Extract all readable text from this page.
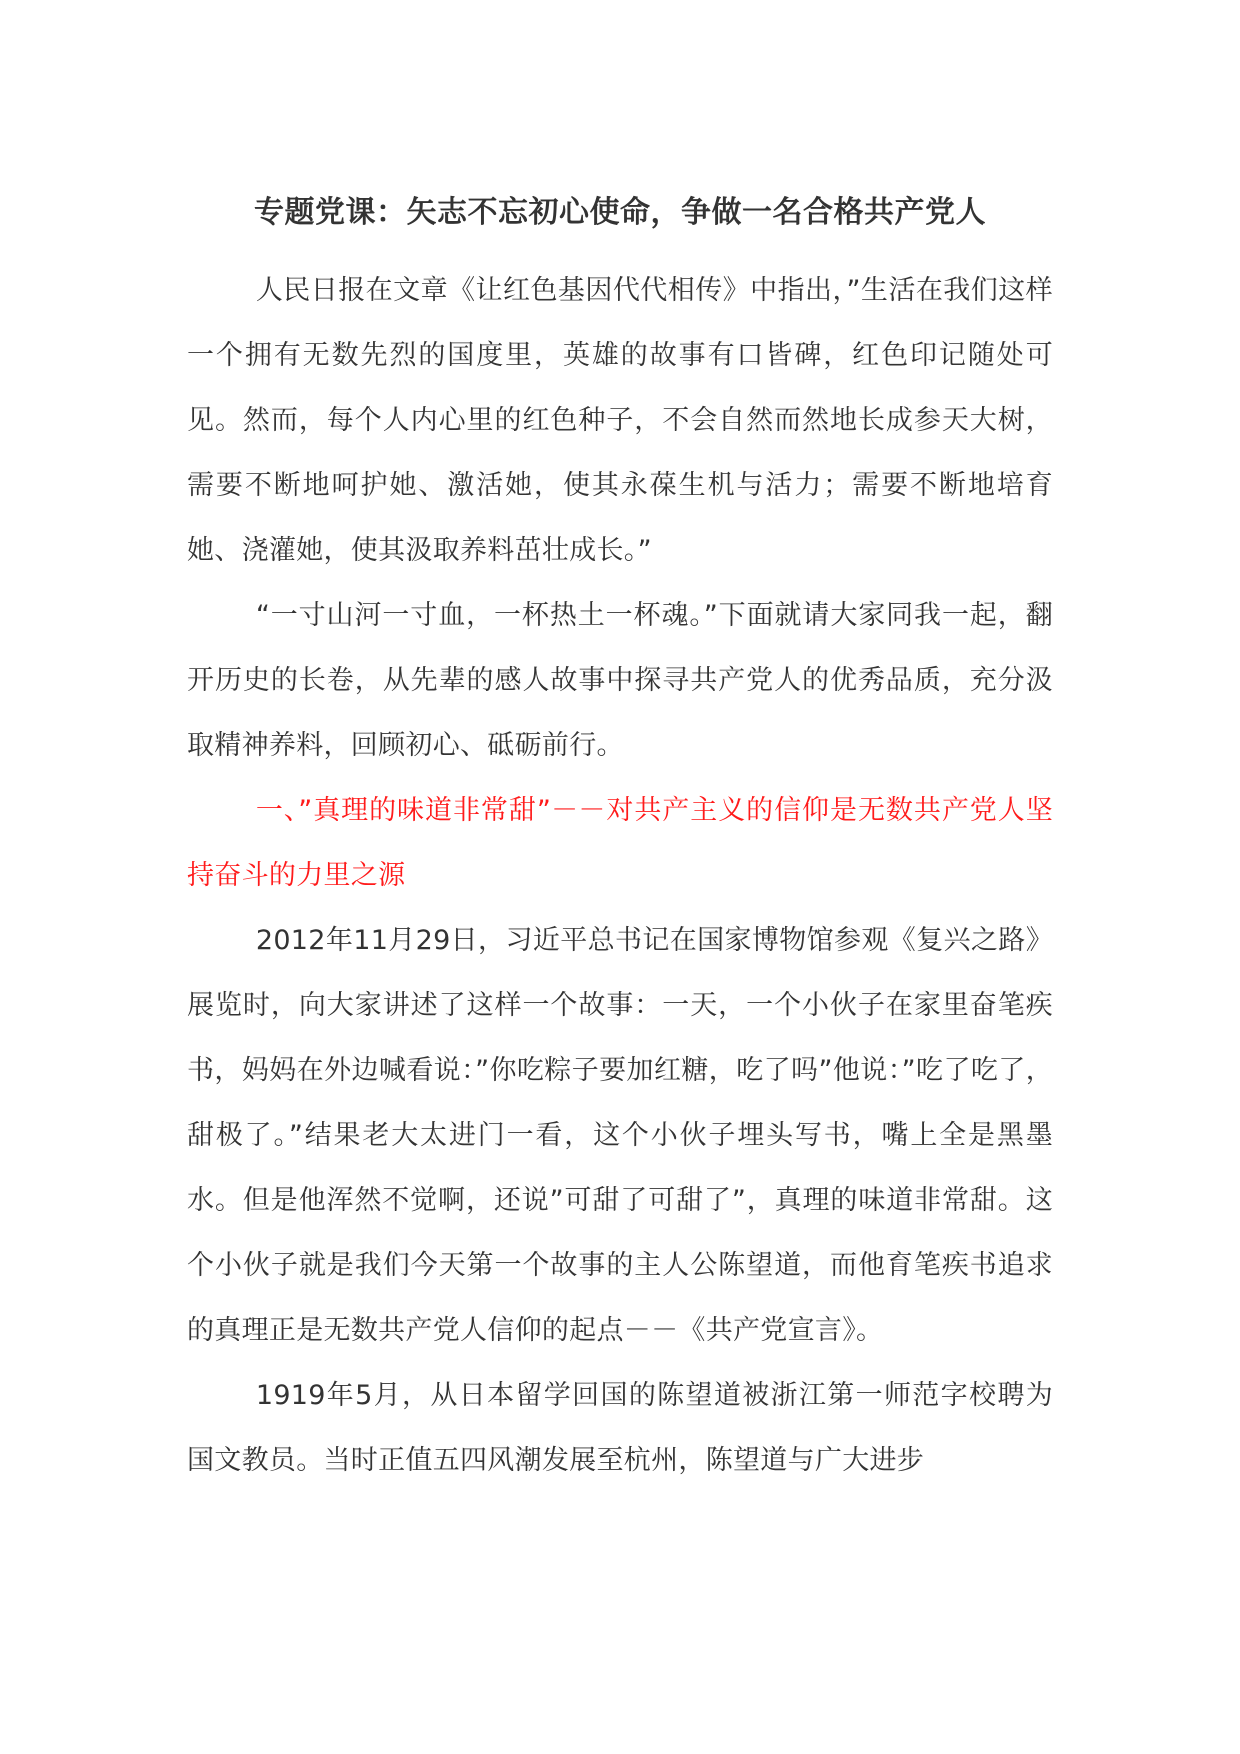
专题党课：矢志不忘初心使命，争做一名合格共产党人

人民日报在文章《让红色基因代代相传》中指出，”生活在我们这样一个拥有无数先烈的国度里，英雄的故事有口皆碑，红色印记随处可见。然而，每个人内心里的红色种子，不会自然而然地长成参天大树，需要不断地呵护她、激活她，使其永葆生机与活力；需要不断地培育她、浇灌她，使其汲取养料茁壮成长。”

“一寸山河一寸血，一杯热土一杯魂。”下面就请大家同我一起，翻开历史的长卷，从先辈的感人故事中探寻共产党人的优秀品质，充分汲取精神养料，回顾初心、砥砺前行。

一、”真理的味道非常甜”－－对共产主义的信仰是无数共产党人坚持奋斗的力里之源

2012年11月29日，习近平总书记在国家博物馆参观《复兴之路》展览时，向大家讲述了这样一个故事：一天，一个小伙子在家里奋笔疾书，妈妈在外边喊看说：”你吃粽子要加红糖，吃了吗”他说：”吃了吃了，甜极了。”结果老大太进门一看，这个小伙子埋头写书，嘴上全是黑墨水。但是他浑然不觉啊，还说”可甜了可甜了”，真理的味道非常甜。这个小伙子就是我们今天第一个故事的主人公陈望道，而他育笔疾书追求的真理正是无数共产党人信仰的起点－－《共产党宣言》。

1919年5月，从日本留学回国的陈望道被浙江第一师范字校聘为国文教员。当时正值五四风潮发展至杭州，陈望道与广大进步
